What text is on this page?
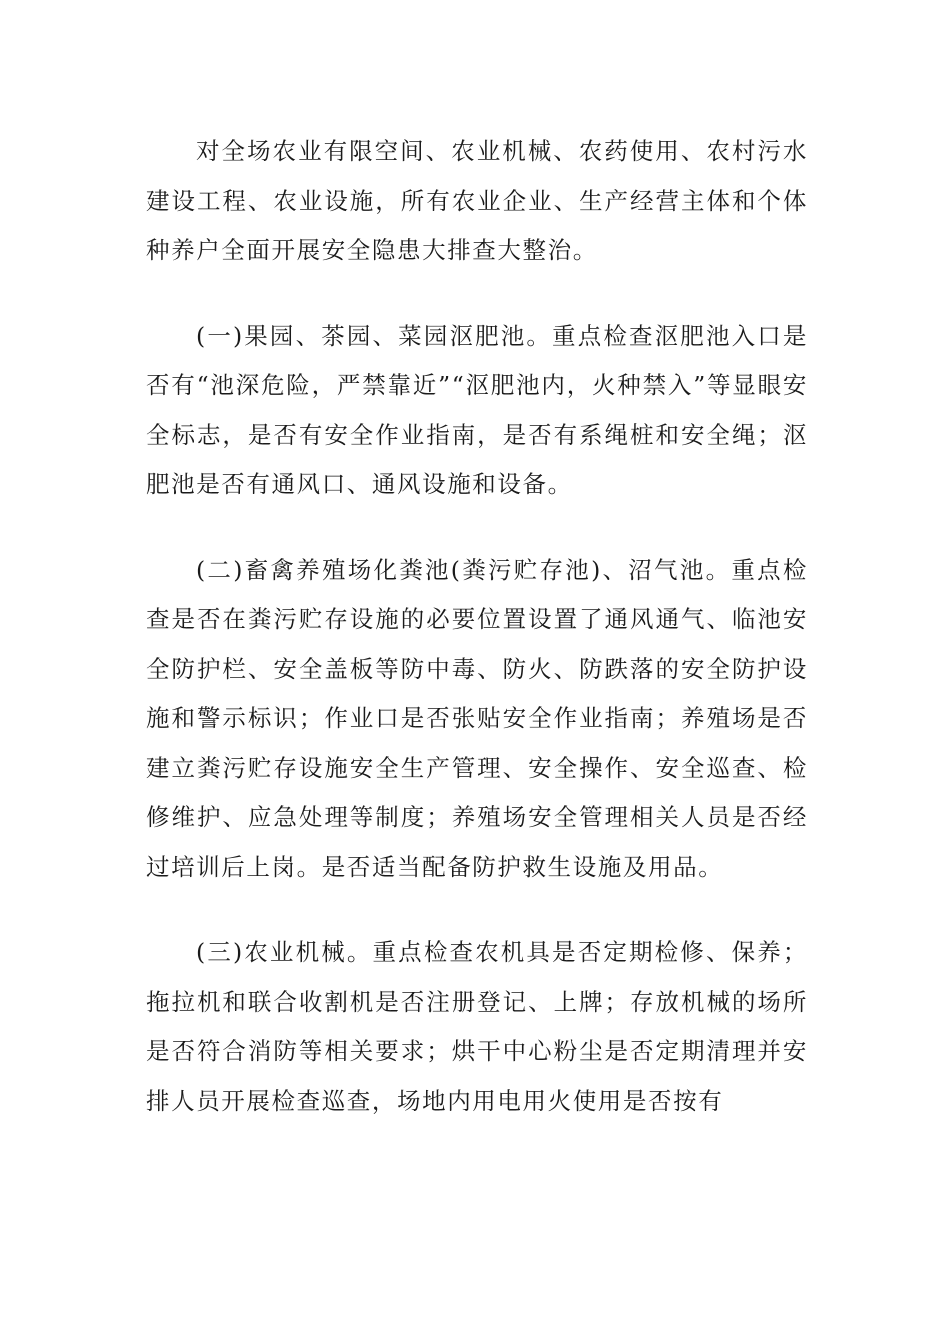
对全场农业有限空间、农业机械、农药使用、农村污水建设工程、农业设施，所有农业企业、生产经营主体和个体种养户全面开展安全隐患大排查大整治。

(一)果园、茶园、菜园沤肥池。重点检查沤肥池入口是否有“池深危险，严禁靠近”“沤肥池内，火种禁入”等显眼安全标志，是否有安全作业指南，是否有系绳桩和安全绳；沤肥池是否有通风口、通风设施和设备。

(二)畜禽养殖场化粪池(粪污贮存池)、沼气池。重点检查是否在粪污贮存设施的必要位置设置了通风通气、临池安全防护栏、安全盖板等防中毒、防火、防跌落的安全防护设施和警示标识；作业口是否张贴安全作业指南；养殖场是否建立粪污贮存设施安全生产管理、安全操作、安全巡查、检修维护、应急处理等制度；养殖场安全管理相关人员是否经过培训后上岗。是否适当配备防护救生设施及用品。

(三)农业机械。重点检查农机具是否定期检修、保养；拖拉机和联合收割机是否注册登记、上牌；存放机械的场所是否符合消防等相关要求；烘干中心粉尘是否定期清理并安排人员开展检查巡查，场地内用电用火使用是否按有
